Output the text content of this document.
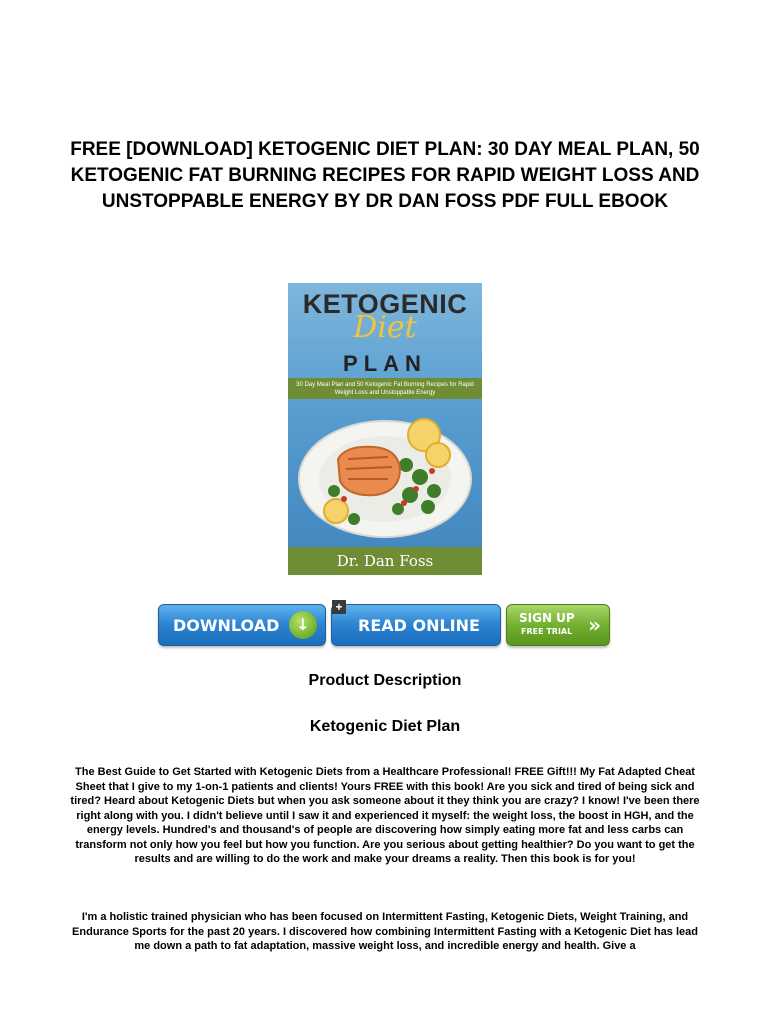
FREE [DOWNLOAD] KETOGENIC DIET PLAN: 30 DAY MEAL PLAN, 50 KETOGENIC FAT BURNING RECIPES FOR RAPID WEIGHT LOSS AND UNSTOPPABLE ENERGY BY DR DAN FOSS PDF FULL EBOOK
KETOGENIC
Diet
PLAN
30 Day Meal Plan and 50 Ketogenic Fat Burning Recipes for Rapid Weight Loss and Unstoppable Energy
Dr. Dan Foss
DOWNLOAD	↓	READ ONLINE
+
SIGN UP
FREE TRIAL »
Product Description
Ketogenic Diet Plan

The Best Guide to Get Started with Ketogenic Diets from a Healthcare Professional! FREE Gift!!! My Fat Adapted Cheat Sheet that I give to my 1-on-1 patients and clients! Yours FREE with this book! Are you sick and tired of being sick and tired? Heard about Ketogenic Diets but when you ask someone about it they think you are crazy? I know! I've been there right along with you. I didn't believe until I saw it and experienced it myself: the weight loss, the boost in HGH, and the energy levels. Hundred's and thousand's of people are discovering how simply eating more fat and less carbs can transform not only how you feel but how you function. Are you serious about getting healthier? Do you want to get the results and are willing to do the work and make your dreams a reality. Then this book is for you!

I'm a holistic trained physician who has been focused on Intermittent Fasting, Ketogenic Diets, Weight Training, and Endurance Sports for the past 20 years. I discovered how combining Intermittent Fasting with a Ketogenic Diet has lead me down a path to fat adaptation, massive weight loss, and incredible energy and health. Give a
